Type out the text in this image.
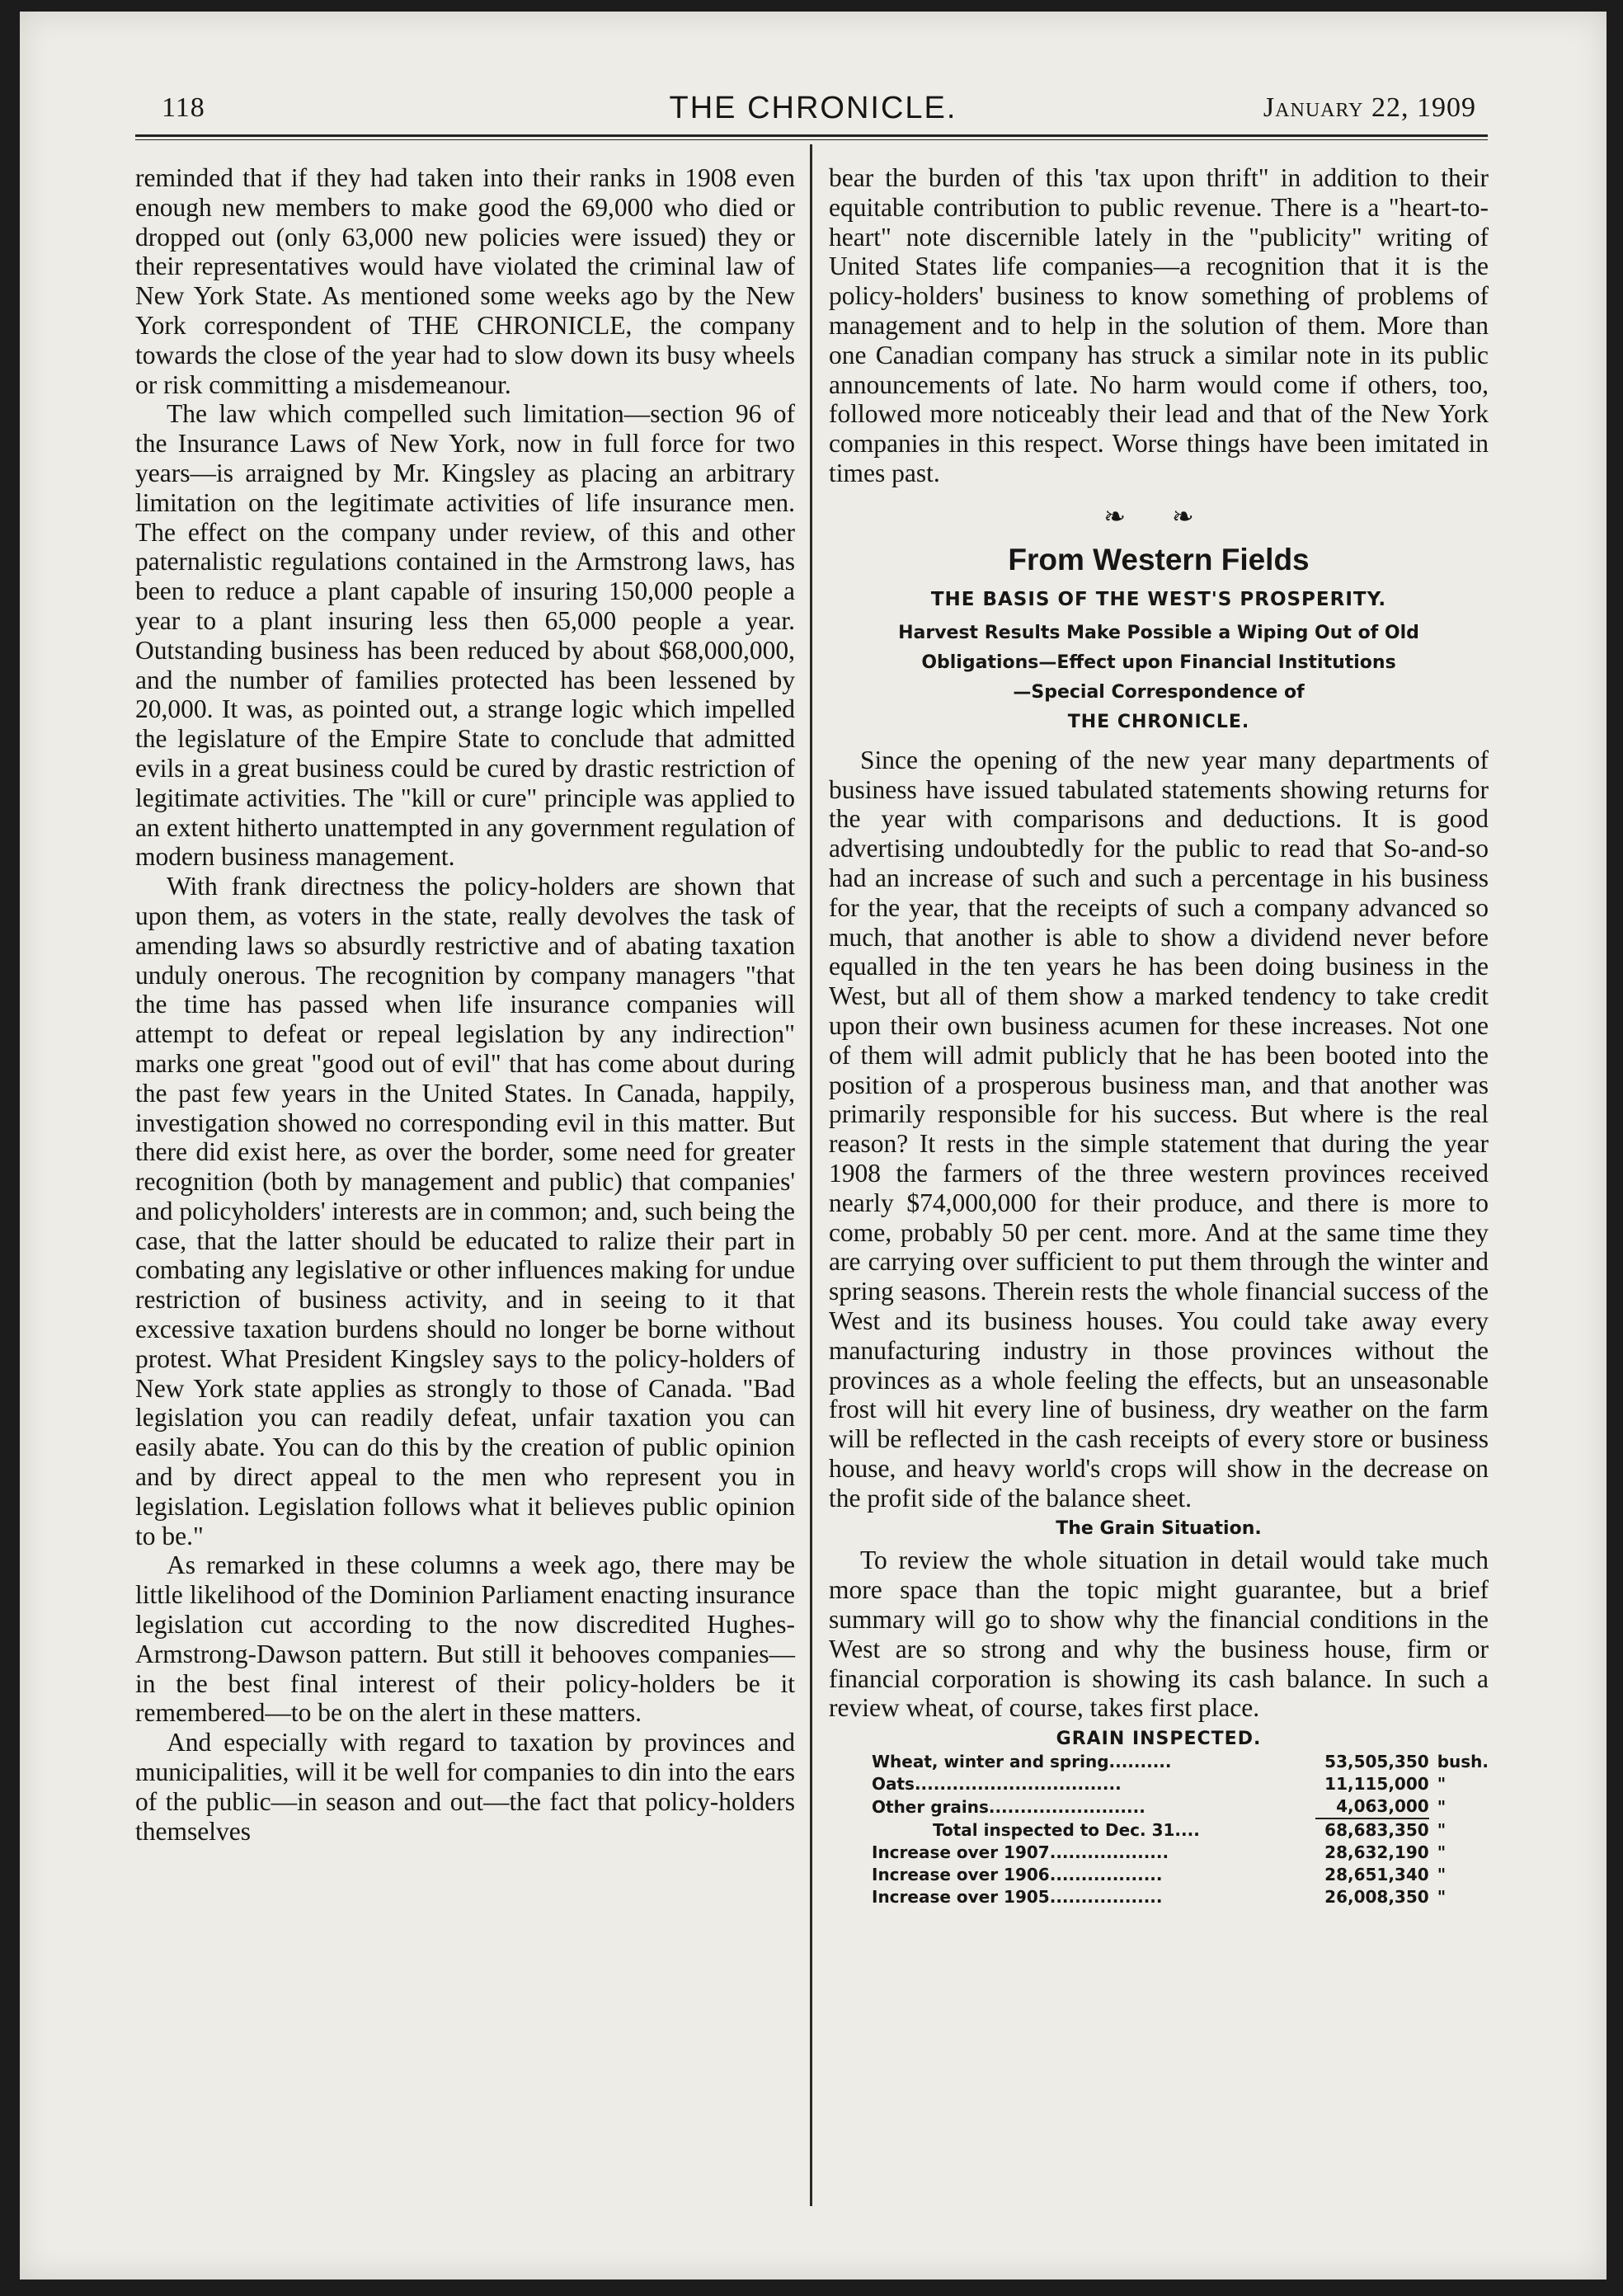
118	THE CHRONICLE.	January 22, 1909

reminded that if they had taken into their ranks in 1908 even enough new members to make good the 69,000 who died or dropped out (only 63,000 new policies were issued) they or their representatives would have violated the criminal law of New York State. As mentioned some weeks ago by the New York correspondent of THE CHRONICLE, the company towards the close of the year had to slow down its busy wheels or risk committing a misdemeanour.

The law which compelled such limitation—section 96 of the Insurance Laws of New York, now in full force for two years—is arraigned by Mr. Kingsley as placing an arbitrary limitation on the legitimate activities of life insurance men. The effect on the company under review, of this and other paternalistic regulations contained in the Armstrong laws, has been to reduce a plant capable of insuring 150,000 people a year to a plant insuring less then 65,000 people a year. Outstanding business has been reduced by about $68,000,000, and the number of families protected has been lessened by 20,000. It was, as pointed out, a strange logic which impelled the legislature of the Empire State to conclude that admitted evils in a great business could be cured by drastic restriction of legitimate activities. The "kill or cure" principle was applied to an extent hitherto unattempted in any government regulation of modern business management.

With frank directness the policy-holders are shown that upon them, as voters in the state, really devolves the task of amending laws so absurdly restrictive and of abating taxation unduly onerous. The recognition by company managers "that the time has passed when life insurance companies will attempt to defeat or repeal legislation by any indirection" marks one great "good out of evil" that has come about during the past few years in the United States. In Canada, happily, investigation showed no corresponding evil in this matter. But there did exist here, as over the border, some need for greater recognition (both by management and public) that companies' and policyholders' interests are in common; and, such being the case, that the latter should be educated to ralize their part in combating any legislative or other influences making for undue restriction of business activity, and in seeing to it that excessive taxation burdens should no longer be borne without protest. What President Kingsley says to the policy-holders of New York state applies as strongly to those of Canada. "Bad legislation you can readily defeat, unfair taxation you can easily abate. You can do this by the creation of public opinion and by direct appeal to the men who represent you in legislation. Legislation follows what it believes public opinion to be."

As remarked in these columns a week ago, there may be little likelihood of the Dominion Parliament enacting insurance legislation cut according to the now discredited Hughes-Armstrong-Dawson pattern. But still it behooves companies—in the best final interest of their policy-holders be it remembered—to be on the alert in these matters.

And especially with regard to taxation by provinces and municipalities, will it be well for companies to din into the ears of the public—in season and out—the fact that policy-holders themselves

bear the burden of this 'tax upon thrift" in addition to their equitable contribution to public revenue. There is a "heart-to-heart" note discernible lately in the "publicity" writing of United States life companies—a recognition that it is the policy-holders' business to know something of problems of management and to help in the solution of them. More than one Canadian company has struck a similar note in its public announcements of late. No harm would come if others, too, followed more noticeably their lead and that of the New York companies in this respect. Worse things have been imitated in times past.

❧ ❧
From Western Fields
THE BASIS OF THE WEST'S PROSPERITY.
Harvest Results Make Possible a Wiping Out of Old
Obligations—Effect upon Financial Institutions
—Special Correspondence of
THE CHRONICLE.

Since the opening of the new year many departments of business have issued tabulated statements showing returns for the year with comparisons and deductions. It is good advertising undoubtedly for the public to read that So-and-so had an increase of such and such a percentage in his business for the year, that the receipts of such a company advanced so much, that another is able to show a dividend never before equalled in the ten years he has been doing business in the West, but all of them show a marked tendency to take credit upon their own business acumen for these increases. Not one of them will admit publicly that he has been booted into the position of a prosperous business man, and that another was primarily responsible for his success. But where is the real reason? It rests in the simple statement that during the year 1908 the farmers of the three western provinces received nearly $74,000,000 for their produce, and there is more to come, probably 50 per cent. more. And at the same time they are carrying over sufficient to put them through the winter and spring seasons. Therein rests the whole financial success of the West and its business houses. You could take away every manufacturing industry in those provinces without the provinces as a whole feeling the effects, but an unseasonable frost will hit every line of business, dry weather on the farm will be reflected in the cash receipts of every store or business house, and heavy world's crops will show in the decrease on the profit side of the balance sheet.

The Grain Situation.

To review the whole situation in detail would take much more space than the topic might guarantee, but a brief summary will go to show why the financial conditions in the West are so strong and why the business house, firm or financial corporation is showing its cash balance. In such a review wheat, of course, takes first place.

GRAIN INSPECTED.
Wheat, winter and spring..........	53,505,350	bush.
Oats.................................	11,115,000	"
Other grains.........................	4,063,000	"
Total inspected to Dec. 31....	68,683,350	"
Increase over 1907...................	28,632,190	"
Increase over 1906..................	28,651,340	"
Increase over 1905..................	26,008,350	"
